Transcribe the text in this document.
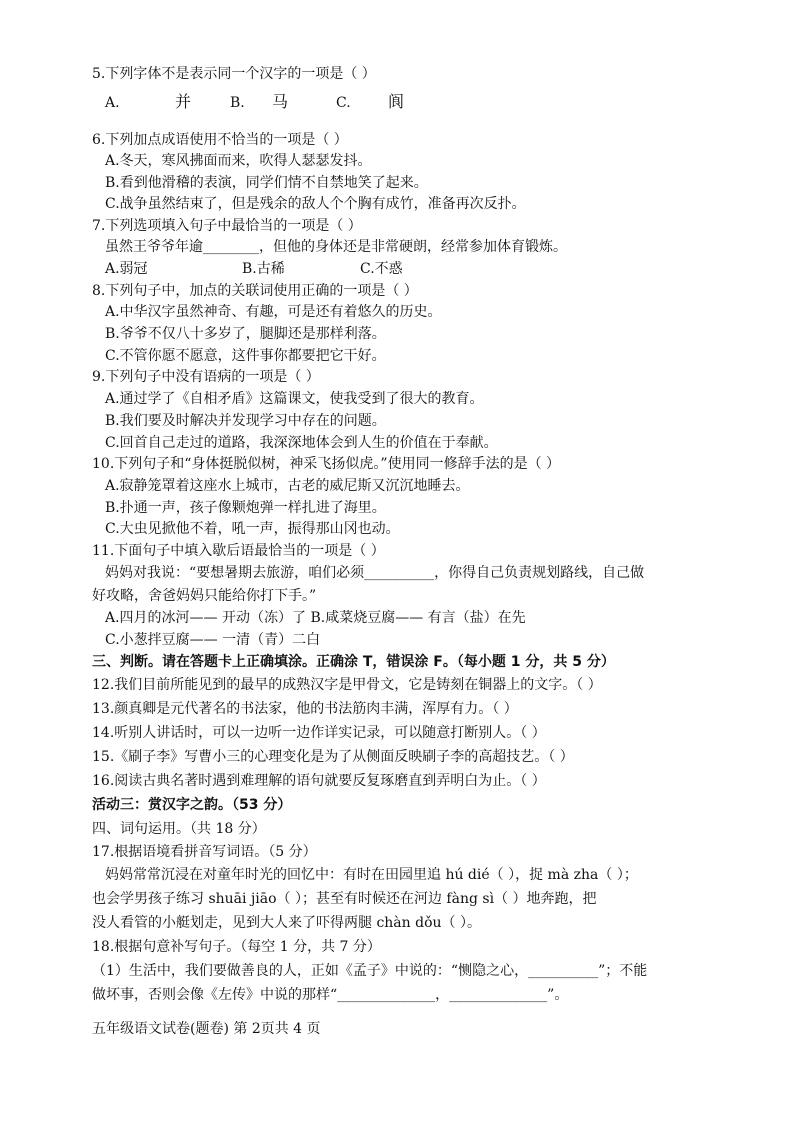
5.下列字体不是表示同一个汉字的一项是（ ）
A.	并	B. 马	C. 阆
6.下列加点成语使用不恰当的一项是（ ）
A.冬天，寒风拂面而来，吹得人瑟瑟发抖。
B.看到他滑稽的表演，同学们情不自禁地笑了起来。
C.战争虽然结束了，但是残余的敌人个个胸有成竹，准备再次反扑。
7.下列选项填入句子中最恰当的一项是（ ）
虽然王爷爷年逾________，但他的身体还是非常硬朗，经常参加体育锻炼。
A.弱冠	B.古稀	C.不惑
8.下列句子中，加点的关联词使用正确的一项是（ ）
A.中华汉字虽然神奇、有趣，可是还有着悠久的历史。
B.爷爷不仅八十多岁了，腿脚还是那样利落。
C.不管你愿不愿意，这件事你都要把它干好。
9.下列句子中没有语病的一项是（ ）
A.通过学了《自相矛盾》这篇课文，使我受到了很大的教育。
B.我们要及时解决并发现学习中存在的问题。
C.回首自己走过的道路，我深深地体会到人生的价值在于奉献。
10.下列句子和“身体挺脱似树，神采飞扬似虎。”使用同一修辞手法的是（ ）
A.寂静笼罩着这座水上城市，古老的威尼斯又沉沉地睡去。
B.扑通一声，孩子像颗炮弹一样扎进了海里。
C.大虫见掀他不着，吼一声，振得那山冈也动。
11.下面句子中填入歇后语最恰当的一项是（ ）
妈妈对我说：“要想暑期去旅游，咱们必须__________，你得自己负责规划路线，自己做
好攻略，舍爸妈妈只能给你打下手。”
A.四月的冰河—— 开动（冻）了 B.咸菜烧豆腐—— 有言（盐）在先
C.小葱拌豆腐—— 一清（青）二白
三、判断。请在答题卡上正确填涂。正确涂 T，错误涂 F。（每小题 1 分，共 5 分）
12.我们目前所能见到的最早的成熟汉字是甲骨文，它是铸刻在铜器上的文字。（ ）
13.颜真卿是元代著名的书法家，他的书法筋肉丰满，浑厚有力。（ ）
14.听别人讲话时，可以一边听一边作详实记录，可以随意打断别人。（ ）
15.《刷子李》写曹小三的心理变化是为了从侧面反映刷子李的高超技艺。（ ）
16.阅读古典名著时遇到难理解的语句就要反复琢磨直到弄明白为止。（ ）
活动三：赏汉字之韵。（53 分）
四、词句运用。（共 18 分）
17.根据语境看拼音写词语。（5 分）
妈妈常常沉浸在对童年时光的回忆中：有时在田园里追 hú dié（ ），捉 mà zha（ ）；
也会学男孩子练习 shuāi jiāo（ ）；甚至有时候还在河边 fàng sì（ ）地奔跑，把
没人看管的小艇划走，见到大人来了吓得两腿 chàn dǒu（ ）。
18.根据句意补写句子。（每空 1 分，共 7 分）
（1）生活中，我们要做善良的人，正如《孟子》中说的：“恻隐之心，__________”；不能
做坏事，否则会像《左传》中说的那样“______________，______________”。
五年级语文试卷(题卷) 第 2页共 4 页
